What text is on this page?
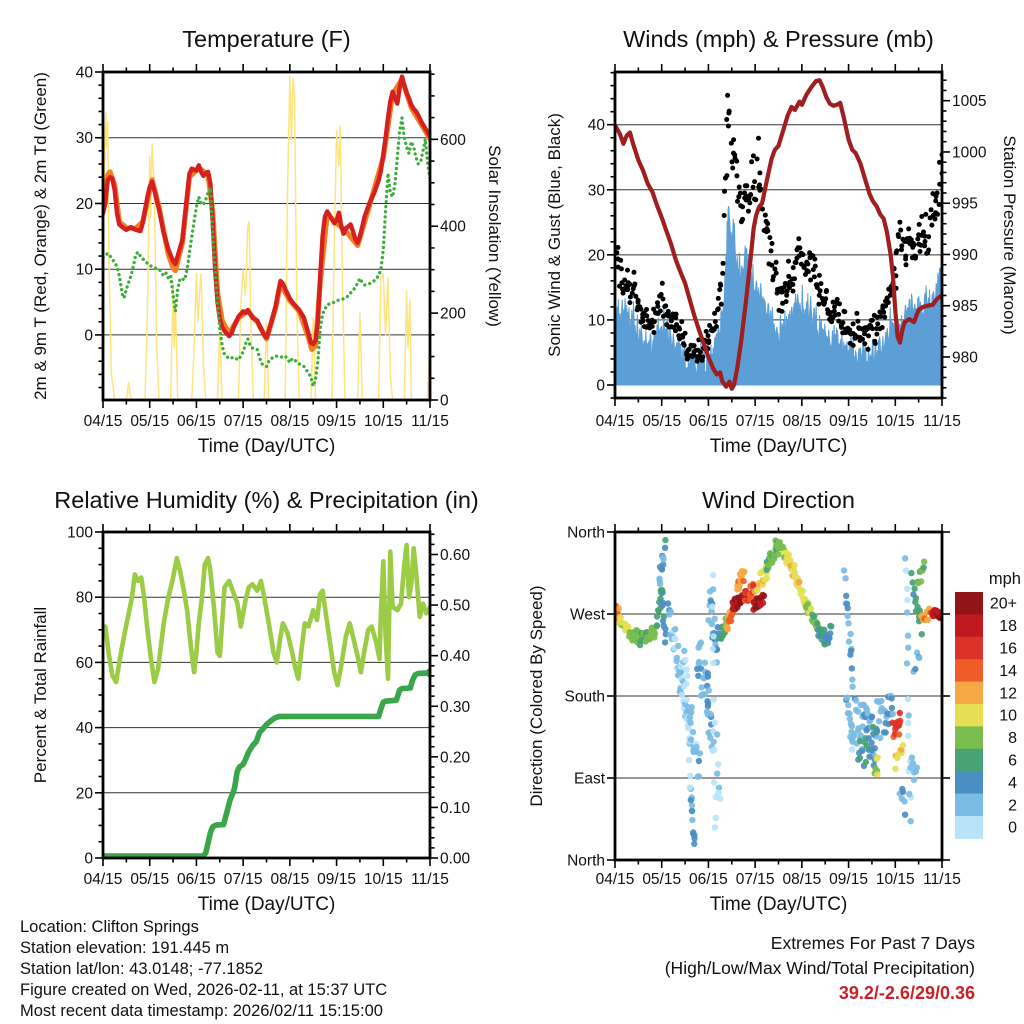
Temperature (F)
Time (Day/UTC)
04/15 05/15 06/15 07/15 08/15 09/15 10/15 11/15
0
10
20
30
40
2m & 9m T (Red, Orange) & 2m Td (Green)
0
200
400
600
Solar Insolation (Yellow)
Winds (mph) & Pressure (mb)
Time (Day/UTC)
04/15 05/15 06/15 07/15 08/15 09/15 10/15 11/15
0
10
20
30
40
Sonic Wind & Gust (Blue, Black)
980
985
990
995
1000
1005
Station Pressure (Maroon)
Relative Humidity (%) & Precipitation (in)
Time (Day/UTC)
04/15 05/15 06/15 07/15 08/15 09/15 10/15 11/15
0
20
40
60
80
100
Percent & Total Rainfall
0.00
0.10
0.20
0.30
0.40
0.50
0.60
mph
20+
18
16
14
12
10
8
6
4
2
0
Wind Direction
Time (Day/UTC)
04/15 05/15 06/15 07/15 08/15 09/15 10/15 11/15
North
West
South
East
North
Direction (Colored By Speed)
Location: Clifton Springs
Station elevation: 191.445 m
Station lat/lon: 43.0148; -77.1852
Figure created on Wed, 2026-02-11, at 15:37 UTC
Most recent data timestamp: 2026/02/11 15:15:00
Extremes For Past 7 Days
(High/Low/Max Wind/Total Precipitation)
39.2/-2.6/29/0.36
